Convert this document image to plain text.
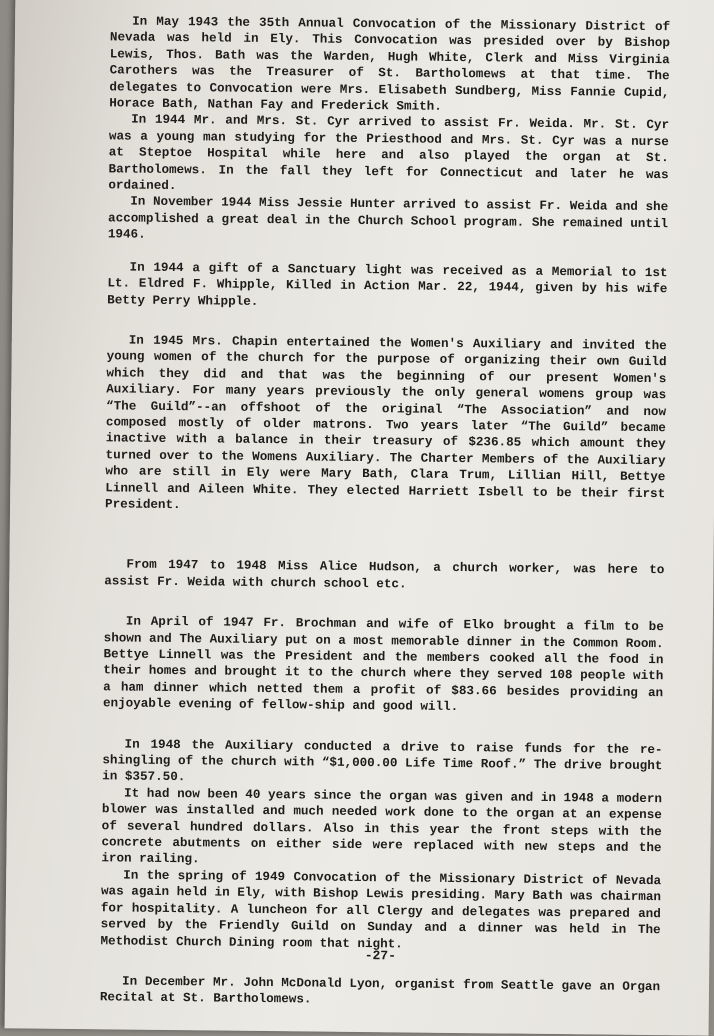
In May 1943 the 35th Annual Convocation of the Missionary District of Nevada was held in Ely. This Convocation was presided over by Bishop Lewis, Thos. Bath was the Warden, Hugh White, Clerk and Miss Virginia Carothers was the Treasurer of St. Bartholomews at that time. The delegates to Convocation were Mrs. Elisabeth Sundberg, Miss Fannie Cupid, Horace Bath, Nathan Fay and Frederick Smith.

In 1944 Mr. and Mrs. St. Cyr arrived to assist Fr. Weida. Mr. St. Cyr was a young man studying for the Priesthood and Mrs. St. Cyr was a nurse at Steptoe Hospital while here and also played the organ at St. Bartholomews. In the fall they left for Connecticut and later he was ordained.

In November 1944 Miss Jessie Hunter arrived to assist Fr. Weida and she accomplished a great deal in the Church School program. She remained until 1946.

In 1944 a gift of a Sanctuary light was received as a Memorial to 1st Lt. Eldred F. Whipple, Killed in Action Mar. 22, 1944, given by his wife Betty Perry Whipple.

In 1945 Mrs. Chapin entertained the Women's Auxiliary and invited the young women of the church for the purpose of organizing their own Guild which they did and that was the beginning of our present Women's Auxiliary. For many years previously the only general womens group was “The Guild”--an offshoot of the original “The Association” and now composed mostly of older matrons. Two years later “The Guild” became inactive with a balance in their treasury of $236.85 which amount they turned over to the Womens Auxiliary. The Charter Members of the Auxiliary who are still in Ely were Mary Bath, Clara Trum, Lillian Hill, Bettye Linnell and Aileen White. They elected Harriett Isbell to be their first President.

From 1947 to 1948 Miss Alice Hudson, a church worker, was here to assist Fr. Weida with church school etc.

In April of 1947 Fr. Brochman and wife of Elko brought a film to be shown and The Auxiliary put on a most memorable dinner in the Common Room. Bettye Linnell was the President and the members cooked all the food in their homes and brought it to the church where they served 108 people with a ham dinner which netted them a profit of $83.66 besides providing an enjoyable evening of fellow-ship and good will.

In 1948 the Auxiliary conducted a drive to raise funds for the re-shingling of the church with “$1,000.00 Life Time Roof.” The drive brought in $357.50.

It had now been 40 years since the organ was given and in 1948 a modern blower was installed and much needed work done to the organ at an expense of several hundred dollars. Also in this year the front steps with the concrete abutments on either side were replaced with new steps and the iron railing.

In the spring of 1949 Convocation of the Missionary District of Nevada was again held in Ely, with Bishop Lewis presiding. Mary Bath was chairman for hospitality. A luncheon for all Clergy and delegates was prepared and served by the Friendly Guild on Sunday and a dinner was held in The Methodist Church Dining room that night.

In December Mr. John McDonald Lyon, organist from Seattle gave an Organ Recital at St. Bartholomews.

-27-
